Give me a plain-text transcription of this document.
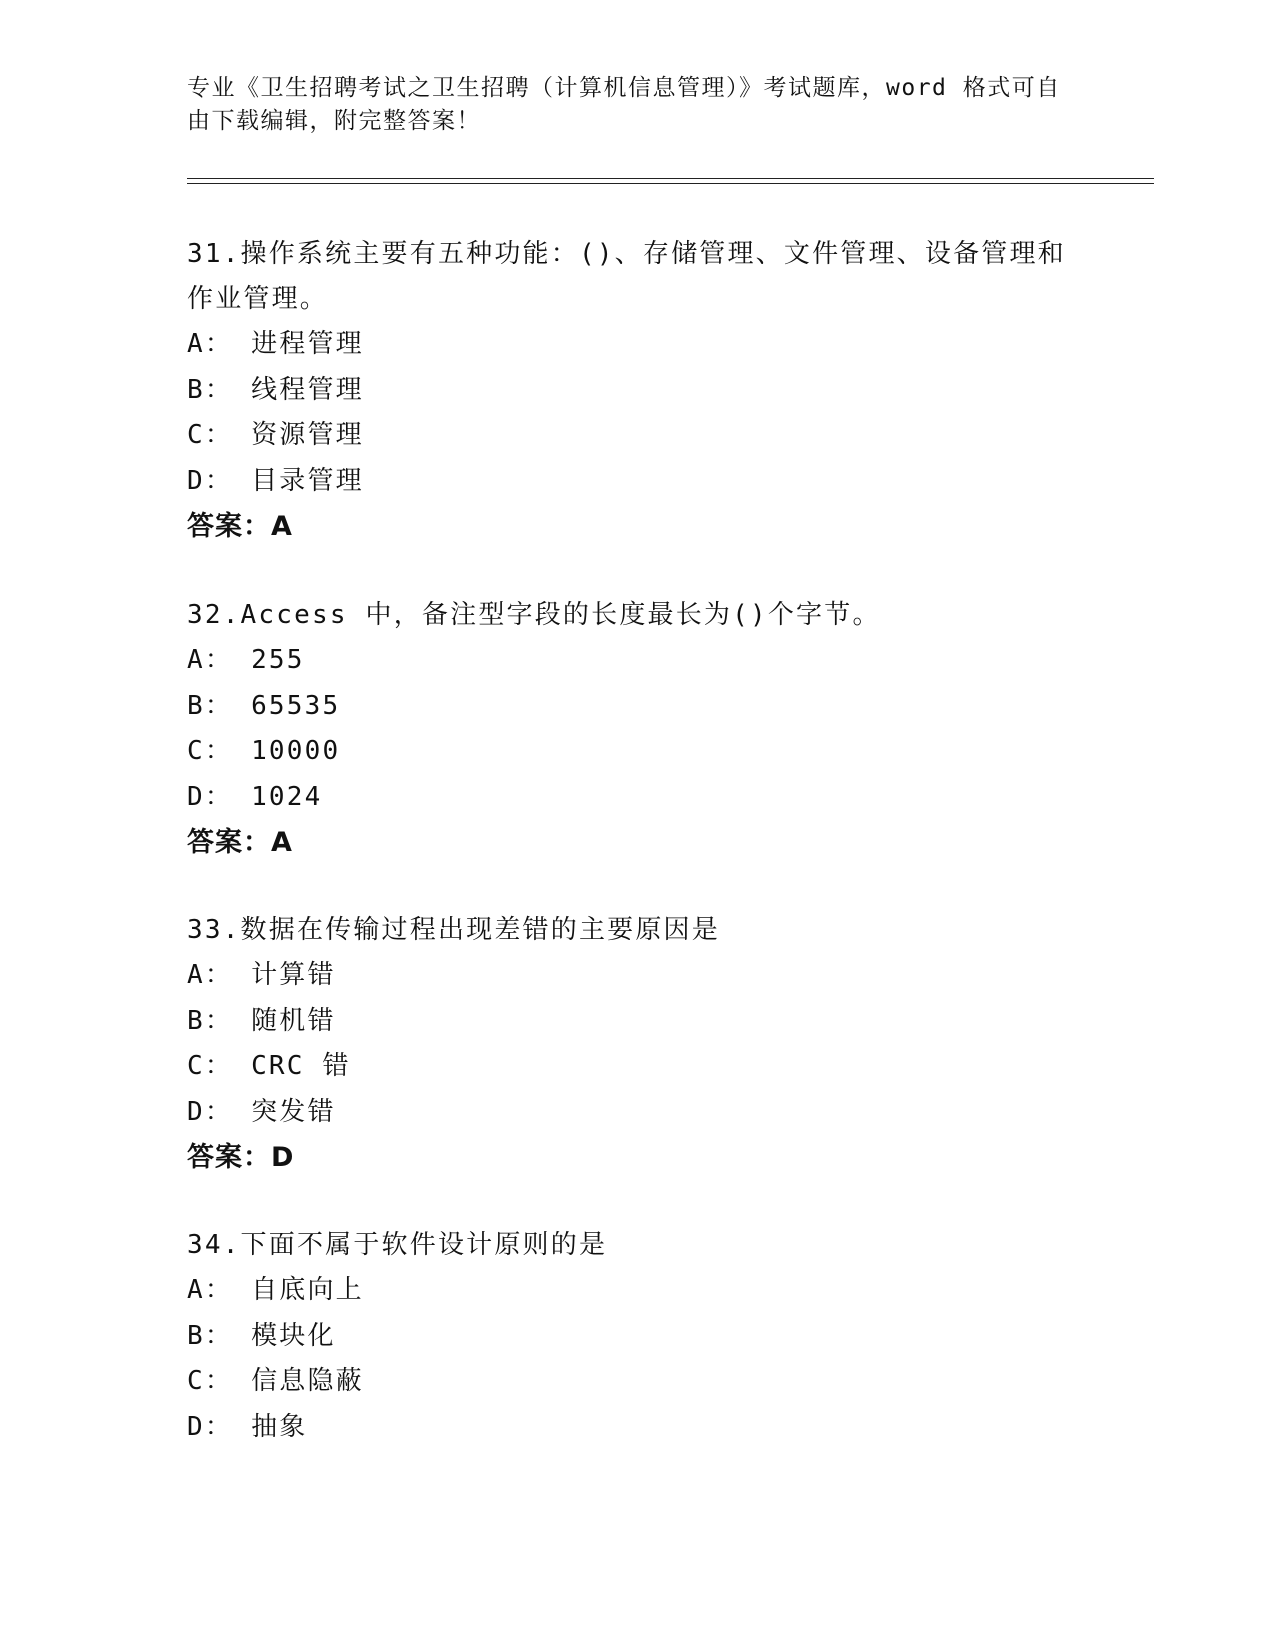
专业《卫生招聘考试之卫生招聘（计算机信息管理）》考试题库，word 格式可自
由下载编辑，附完整答案！
31.操作系统主要有五种功能：()、存储管理、文件管理、设备管理和
作业管理。
A： 进程管理
B： 线程管理
C： 资源管理
D： 目录管理
答案：A
32.Access 中，备注型字段的长度最长为()个字节。
A： 255
B： 65535
C： 10000
D： 1024
答案：A
33.数据在传输过程出现差错的主要原因是
A： 计算错
B： 随机错
C： CRC 错
D： 突发错
答案：D
34.下面不属于软件设计原则的是
A： 自底向上
B： 模块化
C： 信息隐蔽
D： 抽象
